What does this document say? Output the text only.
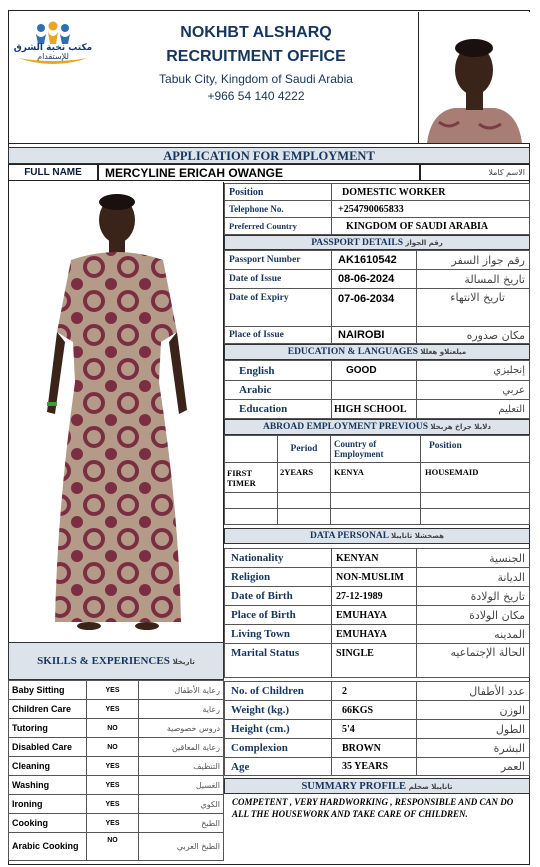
مكتب نخبة الشرق
للإستقدام
NOKHBT ALSHARQ
RECRUITMENT OFFICE
Tabuk City, Kingdom of Saudi Arabia
+966 54 140 4222
APPLICATION FOR EMPLOYMENT
FULL NAME	MERCYLINE ERICAH OWANGE	الاسم كاملا
Position	DOMESTIC WORKER
Telephone No.	+254790065833
Preferred Country	KINGDOM OF SAUDI ARABIA
PASSPORT DETAILS رقم الجواز
Passport Number	AK1610542	رقم جواز السفر
Date of Issue	08-06-2024	تاريخ المسالة
Date of Expiry	07-06-2034	تاريخ الانتهاء
Place of Issue	NAIROBI	مكان صدوره
EDUCATION & LANGUAGES ميلعتلاو هغللا
English	GOOD	إنجليزي
Arabic		عربي
Education	HIGH SCHOOL	التعليم
ABROAD EMPLOYMENT PREVIOUS دلابلا جراخ هربخلا
	Period	Country of Employment	Position
FIRST TIMER	2YEARS	KENYA	HOUSEMAID

DATA PERSONAL هصخشلا تانايبلا
Nationality	KENYAN	الجنسية
Religion	NON-MUSLIM	الديانة
Date of Birth	27-12-1989	تاريخ الولادة
Place of Birth	EMUHAYA	مكان الولادة
Living Town	EMUHAYA	المدينه
Marital Status	SINGLE	الحالة الإجتماعيه
No. of Children	2	عدد الأطفال
Weight (kg.)	66KGS	الوزن
Height (cm.)	5'4	الطول
Complexion	BROWN	البشرة
Age	35 YEARS	العمر
SUMMARY PROFILE تانايبلا صخلم
COMPETENT , VERY HARDWORKING , RESPONSIBLE AND CAN DO ALL THE HOUSEWORK AND TAKE CARE OF CHILDREN.
SKILLS & EXPERIENCES تاربخلا
Baby Sitting	YES	رعاية الأطفال
Children Care	YES	رعاية
Tutoring	NO	دروس خصوصية
Disabled Care	NO	رعاية المعاقين
Cleaning	YES	التنظيف
Washing	YES	الغسيل
Ironing	YES	الكوي
Cooking	YES	الطبخ
Arabic Cooking	NO	الطبخ العربي
